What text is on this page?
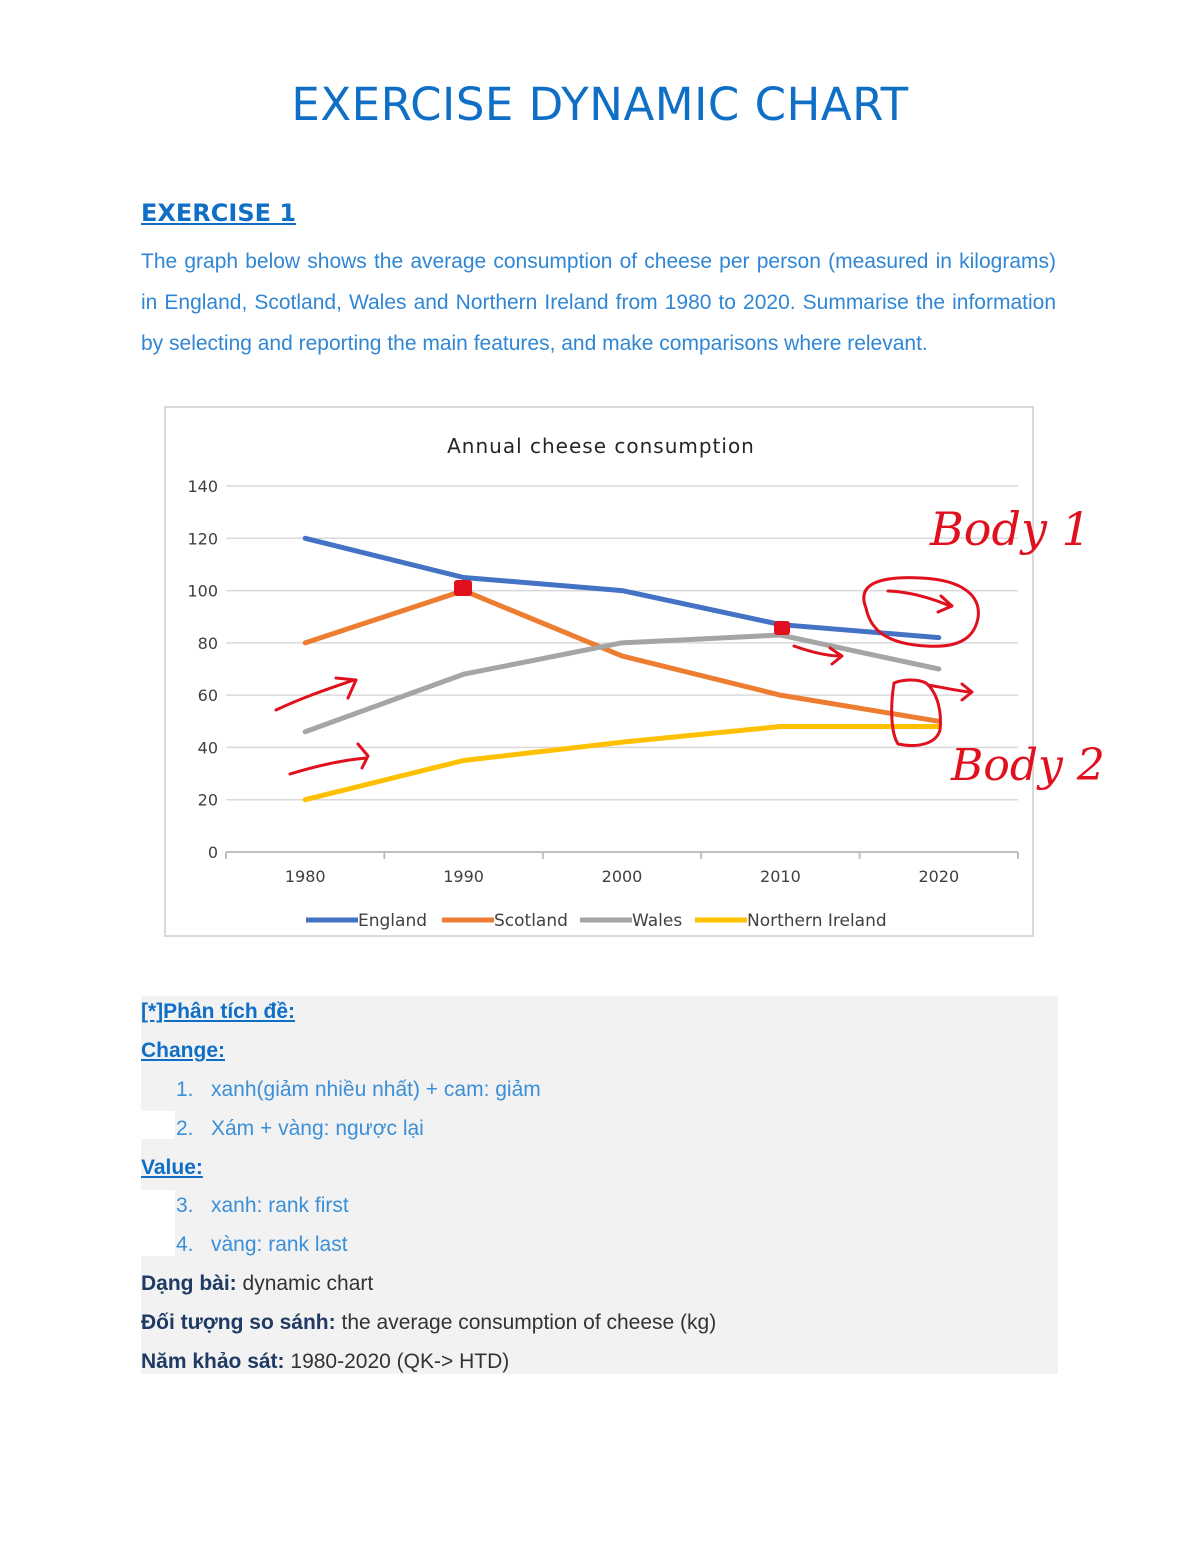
EXERCISE DYNAMIC CHART
EXERCISE 1
The graph below shows the average consumption of cheese per person (measured in kilograms) in England, Scotland, Wales and Northern Ireland from 1980 to 2020. Summarise the information by selecting and reporting the main features, and make comparisons where relevant.
Annual cheese consumption
0
20
40
60
80
100
120
140
1980	1990	2000	2010	2020
England	Scotland	Wales	Northern Ireland
Body 1
Body 2
[*]Phân tích đề:
Change:
1. xanh(giảm nhiều nhất) + cam: giảm
2. Xám + vàng: ngược lại
Value:
3. xanh: rank first
4. vàng: rank last
Dạng bài: dynamic chart
Đối tượng so sánh: the average consumption of cheese (kg)
Năm khảo sát: 1980-2020 (QK-> HTD)
